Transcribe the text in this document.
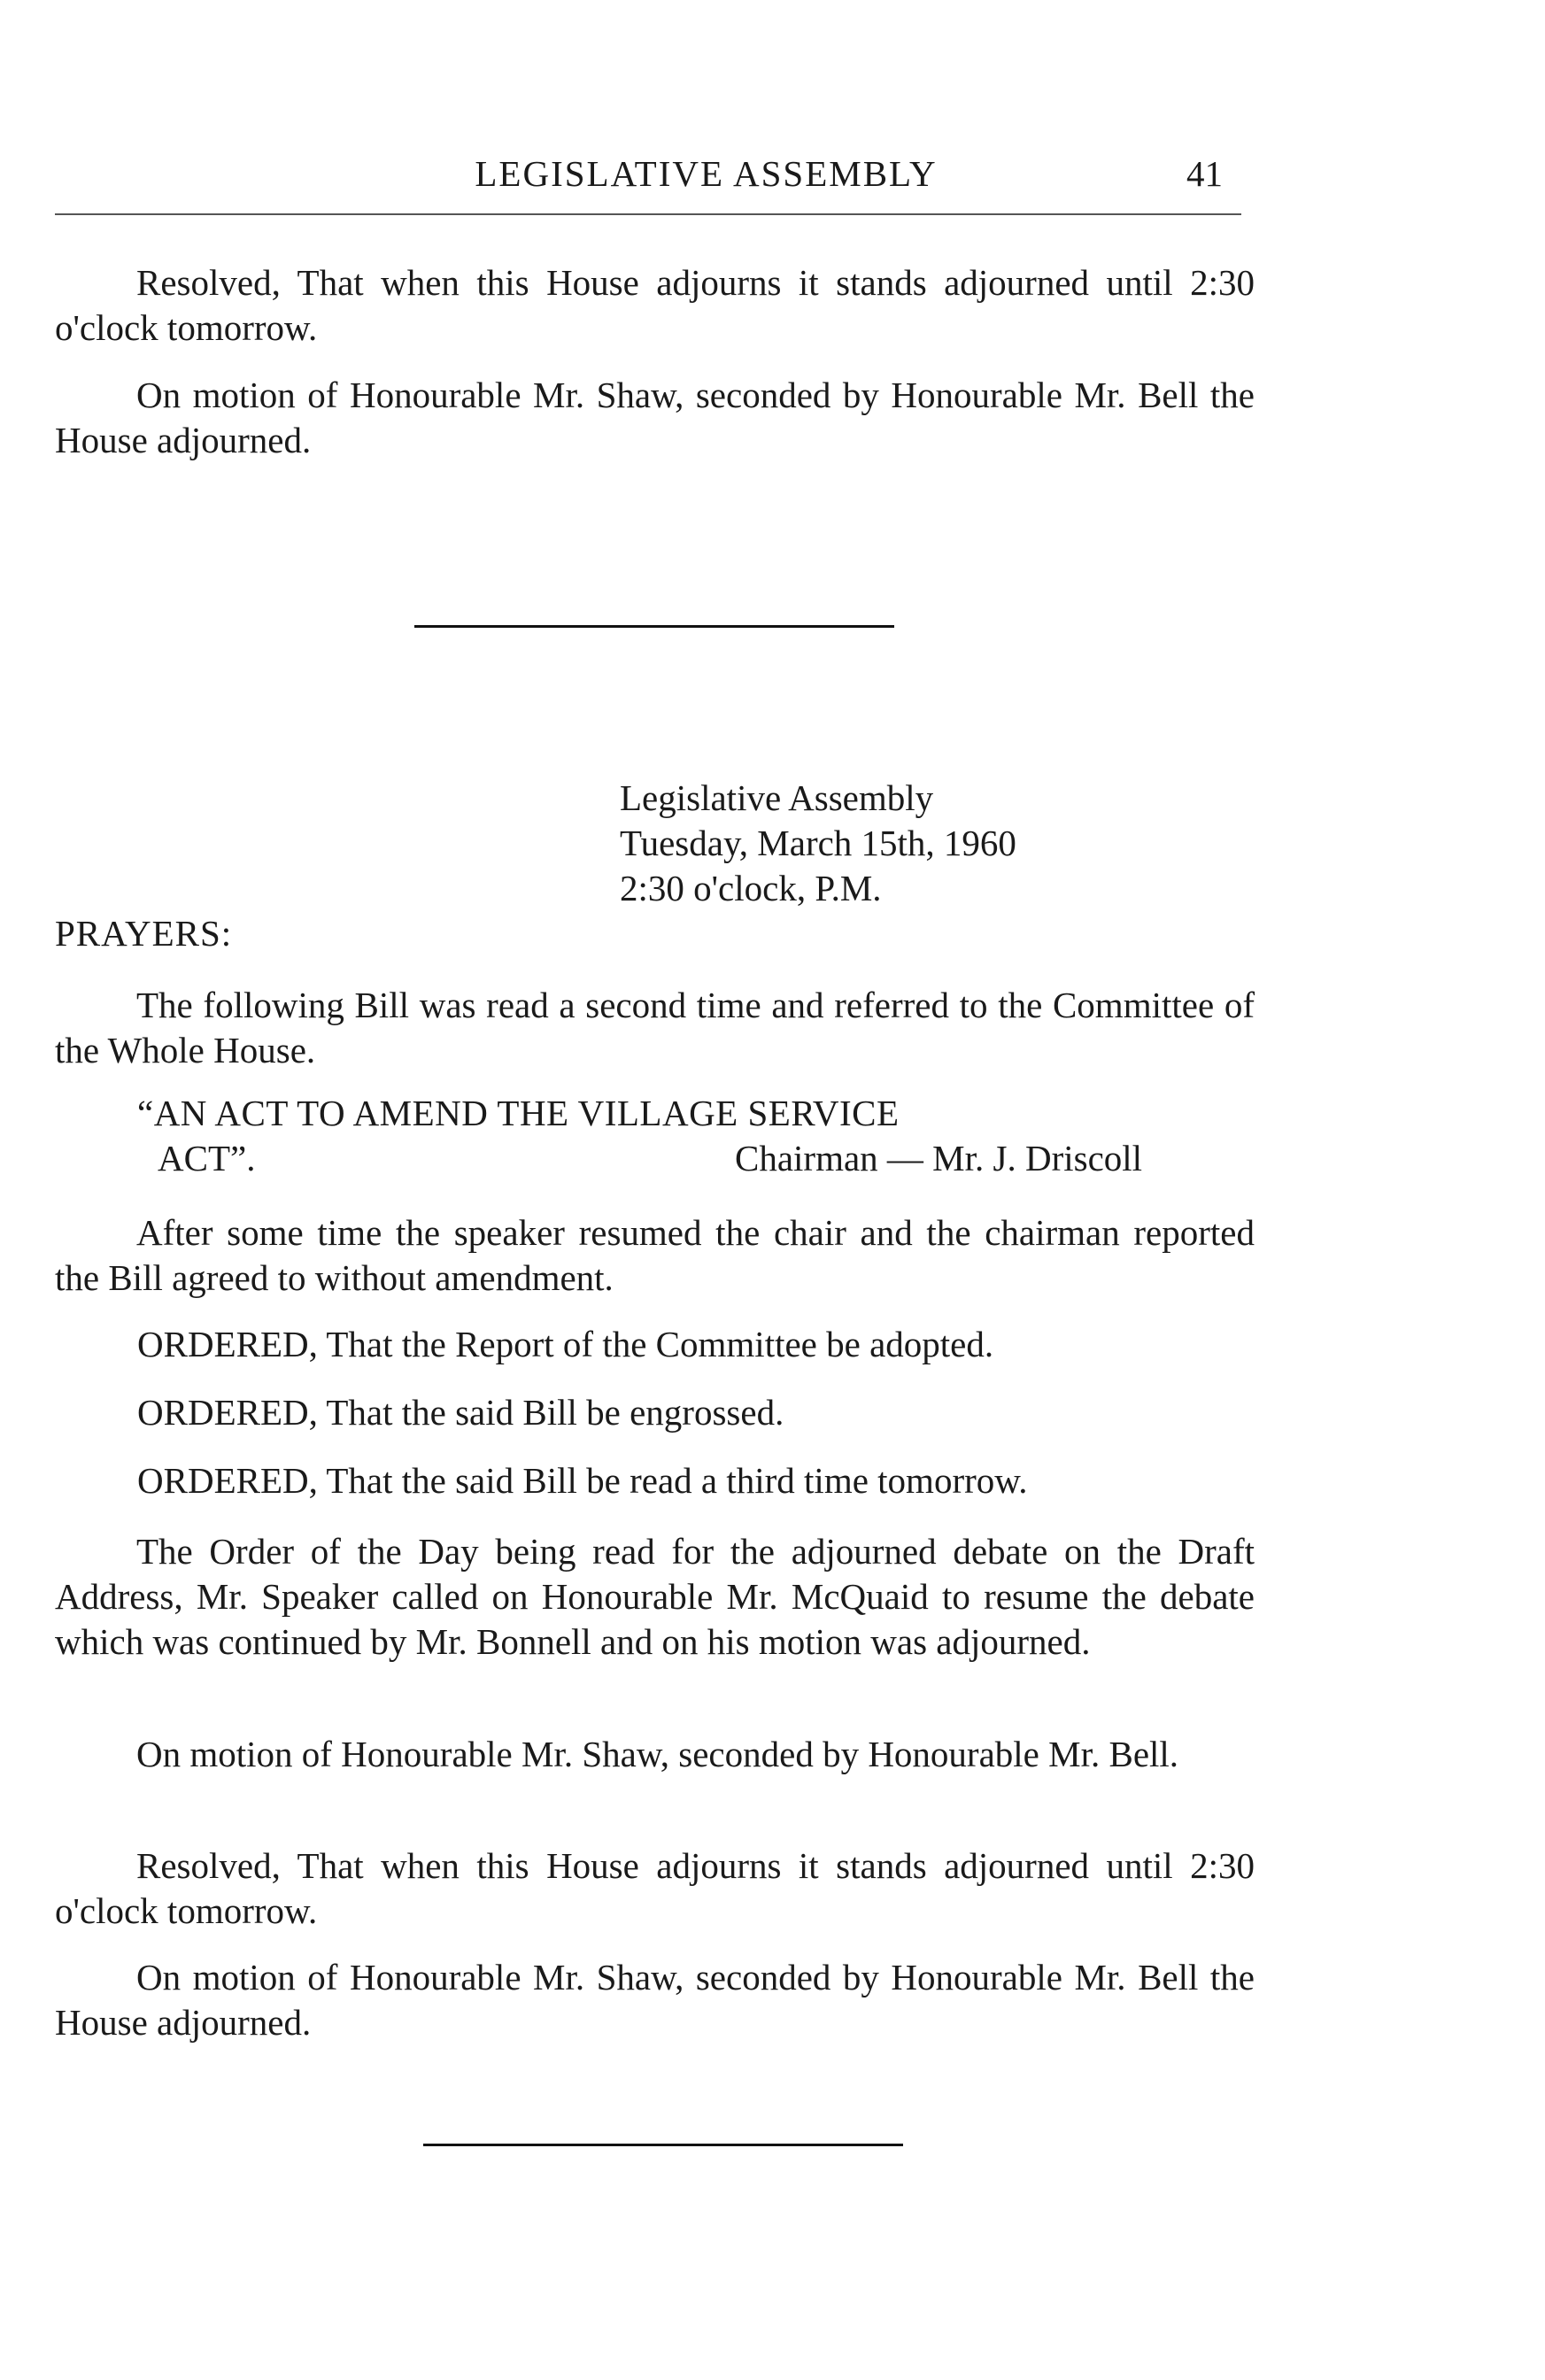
LEGISLATIVE ASSEMBLY	41

Resolved, That when this House adjourns it stands adjourned until 2:30 o'clock tomorrow.

On motion of Honourable Mr. Shaw, seconded by Honourable Mr. Bell the House adjourned.

Legislative Assembly
Tuesday, March 15th, 1960
2:30 o'clock, P.M.
PRAYERS:

The following Bill was read a second time and referred to the Committee of the Whole House.

“AN ACT TO AMEND THE VILLAGE SERVICE
ACT”.	Chairman — Mr. J. Driscoll

After some time the speaker resumed the chair and the chairman reported the Bill agreed to without amendment.

ORDERED, That the Report of the Committee be adopted.
ORDERED, That the said Bill be engrossed.
ORDERED, That the said Bill be read a third time tomorrow.

The Order of the Day being read for the adjourned debate on the Draft Address, Mr. Speaker called on Honourable Mr. McQuaid to resume the debate which was continued by Mr. Bonnell and on his motion was adjourned.

On motion of Honourable Mr. Shaw, seconded by Honourable Mr. Bell.

Resolved, That when this House adjourns it stands adjourned until 2:30 o'clock tomorrow.

On motion of Honourable Mr. Shaw, seconded by Honourable Mr. Bell the House adjourned.
